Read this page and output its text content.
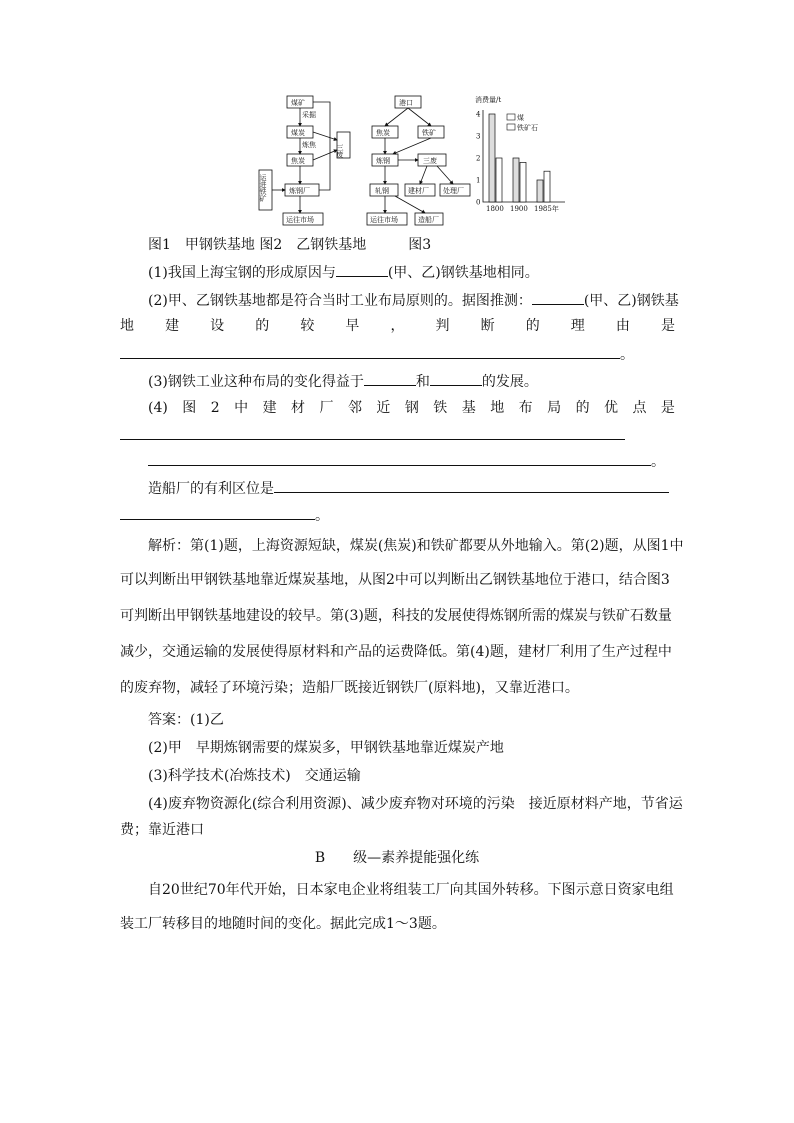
煤矿
煤炭
焦炭
炼钢厂
运往市场
三废
运进铁矿
采掘
炼焦
港口
焦炭	铁矿
炼钢	三废
轧钢	建材厂 处理厂
运往市场	造船厂
消费量/t
煤
铁矿石
0
1
2
3
4
1800 1900 1985年
图1　甲钢铁基地 图2　乙钢铁基地　　　图3
(1)我国上海宝钢的形成原因与	(甲、乙)钢铁基地相同。
(2)甲、乙钢铁基地都是符合当时工业布局原则的。据图推测：	(甲、乙)钢铁基
地 建 设 的 较 早 ， 判 断 的 理 由 是
。
(3)钢铁工业这种布局的变化得益于	和	的发展。
(4) 图 2 中 建 材 厂 邻 近 钢 铁 基 地 布 局 的 优 点 是
。
造船厂的有利区位是
。
解析：第(1)题，上海资源短缺，煤炭(焦炭)和铁矿都要从外地输入。第(2)题，从图1中
可以判断出甲钢铁基地靠近煤炭基地，从图2中可以判断出乙钢铁基地位于港口，结合图3
可判断出甲钢铁基地建设的较早。第(3)题，科技的发展使得炼钢所需的煤炭与铁矿石数量
减少，交通运输的发展使得原材料和产品的运费降低。第(4)题，建材厂利用了生产过程中
的废弃物，减轻了环境污染；造船厂既接近钢铁厂(原料地)，又靠近港口。
答案：(1)乙
(2)甲　早期炼钢需要的煤炭多，甲钢铁基地靠近煤炭产地
(3)科学技术(冶炼技术)　交通运输
(4)废弃物资源化(综合利用资源)、减少废弃物对环境的污染　接近原材料产地，节省运
费；靠近港口
B　　级—素养提能强化练
自20世纪70年代开始，日本家电企业将组装工厂向其国外转移。下图示意日资家电组
装工厂转移目的地随时间的变化。据此完成1～3题。
